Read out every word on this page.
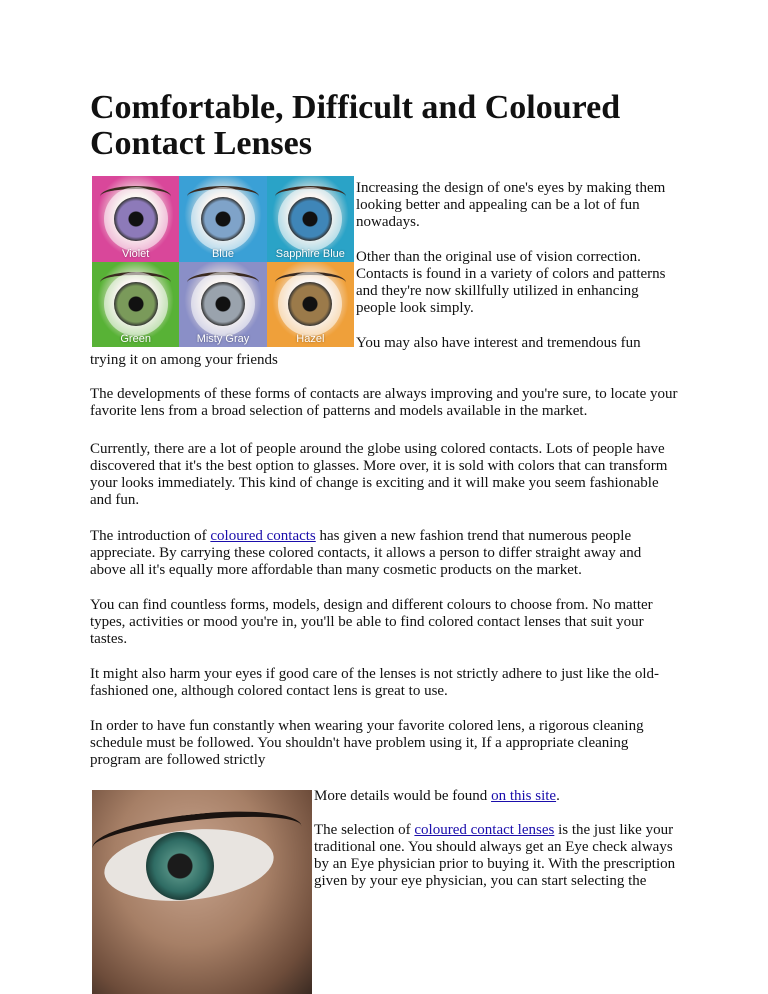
Comfortable, Difficult and Coloured Contact Lenses
Violet	Blue	Sapphire Blue
Green	Misty Gray	Hazel

Increasing the design of one's eyes by making them looking better and appealing can be a lot of fun nowadays.

Other than the original use of vision correction. Contacts is found in a variety of colors and patterns and they're now skillfully utilized in enhancing people look simply.

You may also have interest and tremendous fun

trying it on among your friends

The developments of these forms of contacts are always improving and you're sure, to locate your favorite lens from a broad selection of patterns and models available in the market.

Currently, there are a lot of people around the globe using colored contacts. Lots of people have discovered that it's the best option to glasses. More over, it is sold with colors that can transform your looks immediately. This kind of change is exciting and it will make you seem fashionable and fun.

The introduction of coloured contacts has given a new fashion trend that numerous people appreciate. By carrying these colored contacts, it allows a person to differ straight away and above all it's equally more affordable than many cosmetic products on the market.

You can find countless forms, models, design and different colours to choose from. No matter types, activities or mood you're in, you'll be able to find colored contact lenses that suit your tastes.

It might also harm your eyes if good care of the lenses is not strictly adhere to just like the old-fashioned one, although colored contact lens is great to use.

In order to have fun constantly when wearing your favorite colored lens, a rigorous cleaning schedule must be followed. You shouldn't have problem using it, If a appropriate cleaning program are followed strictly

More details would be found on this site.

The selection of coloured contact lenses is the just like your traditional one. You should always get an Eye check always by an Eye physician prior to buying it. With the prescription given by your eye physician, you can start selecting the
